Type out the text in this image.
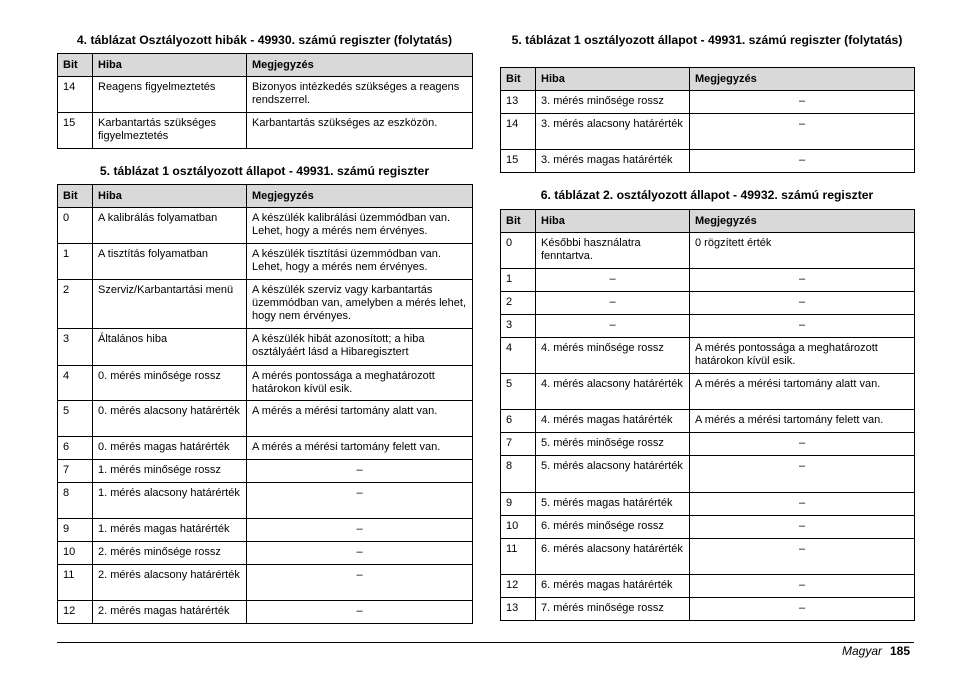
4. táblázat Osztályozott hibák - 49930. számú regiszter (folytatás)
Bit	Hiba	Megjegyzés
14	Reagens figyelmeztetés	Bizonyos intézkedés szükséges a reagens rendszerrel.
15	Karbantartás szükséges figyelmeztetés	Karbantartás szükséges az eszközön.
5. táblázat 1 osztályozott állapot - 49931. számú regiszter
Bit	Hiba	Megjegyzés
0	A kalibrálás folyamatban	A készülék kalibrálási üzemmódban van. Lehet, hogy a mérés nem érvényes.
1	A tisztítás folyamatban	A készülék tisztítási üzemmódban van. Lehet, hogy a mérés nem érvényes.
2	Szerviz/Karbantartási menü	A készülék szerviz vagy karbantartás üzemmódban van, amelyben a mérés lehet, hogy nem érvényes.
3	Általános hiba	A készülék hibát azonosított; a hiba osztályáért lásd a Hibaregisztert
4	0. mérés minősége rossz	A mérés pontossága a meghatározott határokon kívül esik.
5	0. mérés alacsony határérték	A mérés a mérési tartomány alatt van.
6	0. mérés magas határérték	A mérés a mérési tartomány felett van.
7	1. mérés minősége rossz	–
8	1. mérés alacsony határérték	–
9	1. mérés magas határérték	–
10	2. mérés minősége rossz	–
11	2. mérés alacsony határérték	–
12	2. mérés magas határérték	–
5. táblázat 1 osztályozott állapot - 49931. számú regiszter (folytatás)
Bit	Hiba	Megjegyzés
13	3. mérés minősége rossz	–
14	3. mérés alacsony határérték	–
15	3. mérés magas határérték	–
6. táblázat 2. osztályozott állapot - 49932. számú regiszter
Bit	Hiba	Megjegyzés
0	Későbbi használatra fenntartva.	0 rögzített érték
1	–	–
2	–	–
3	–	–
4	4. mérés minősége rossz	A mérés pontossága a meghatározott határokon kívül esik.
5	4. mérés alacsony határérték	A mérés a mérési tartomány alatt van.
6	4. mérés magas határérték	A mérés a mérési tartomány felett van.
7	5. mérés minősége rossz	–
8	5. mérés alacsony határérték	–
9	5. mérés magas határérték	–
10	6. mérés minősége rossz	–
11	6. mérés alacsony határérték	–
12	6. mérés magas határérték	–
13	7. mérés minősége rossz	–
Magyar 185
